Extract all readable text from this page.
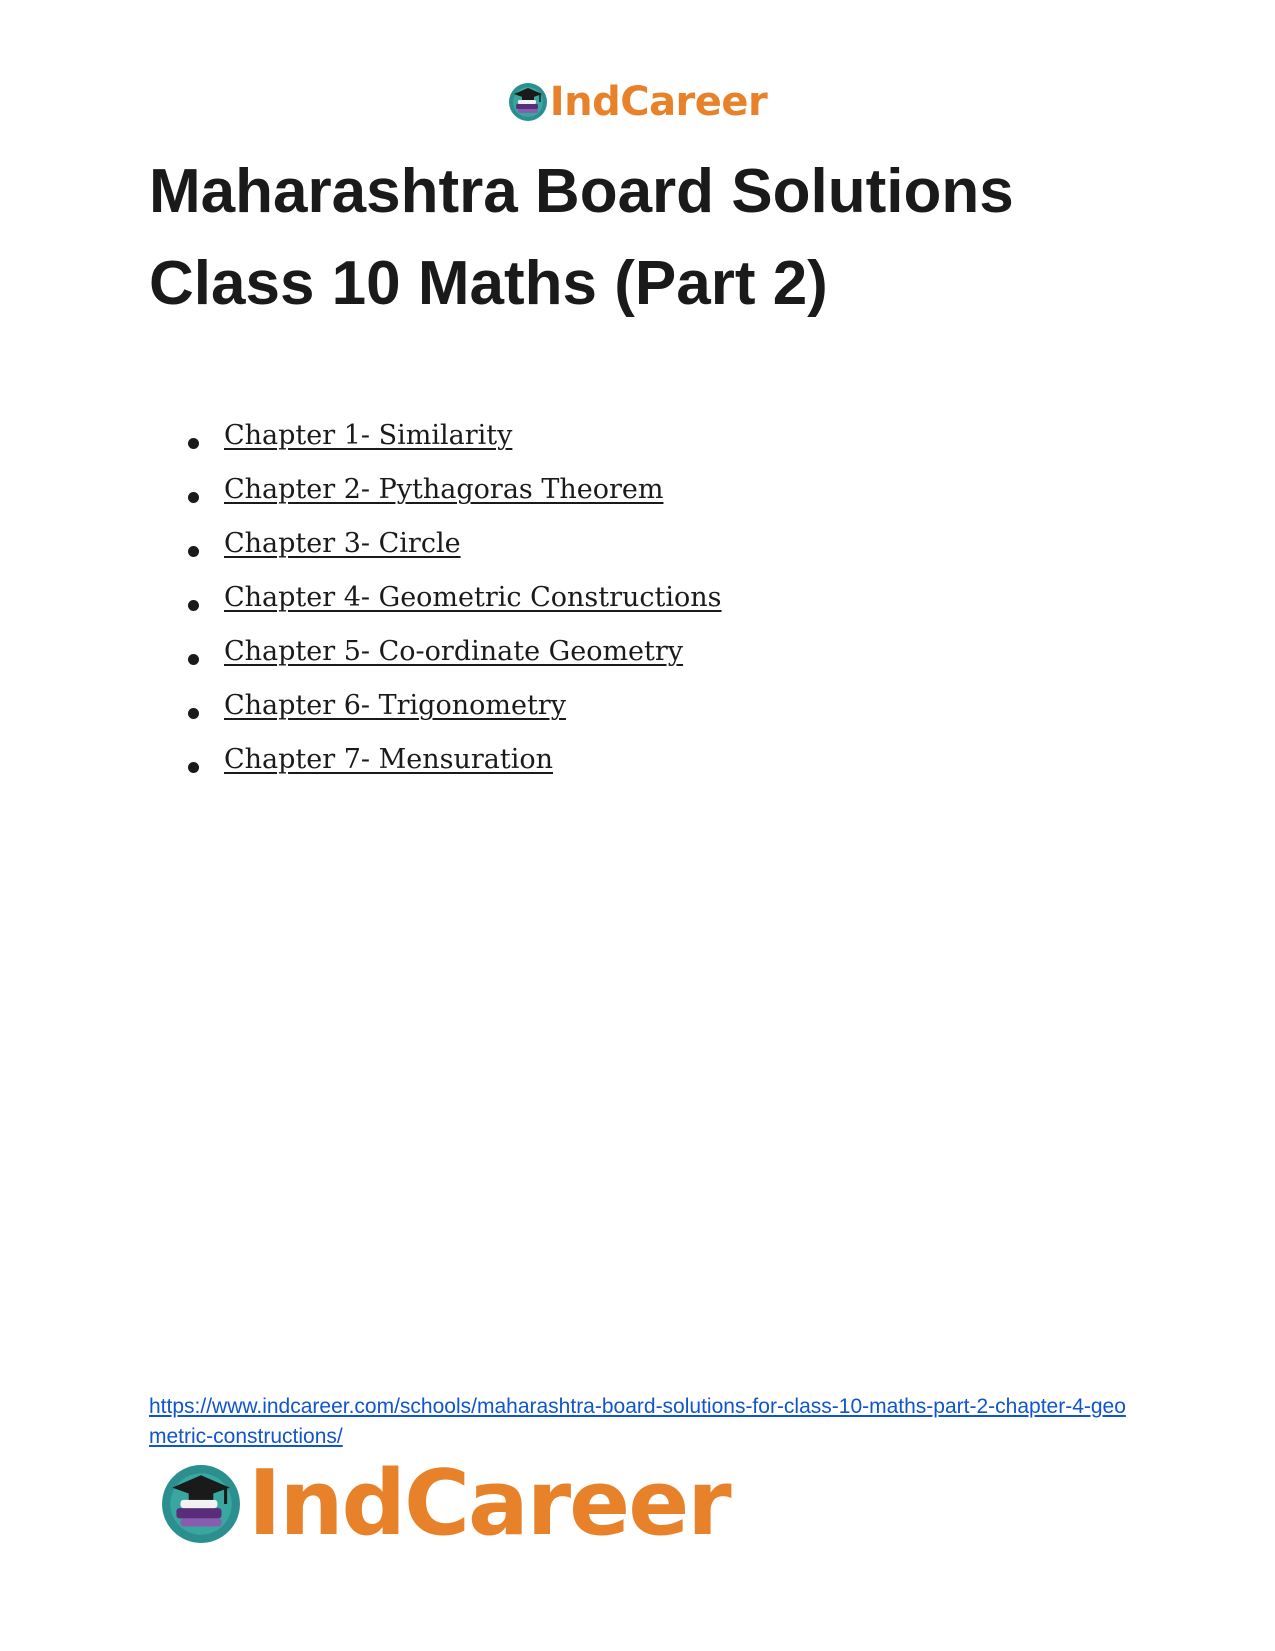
IndCareer
Maharashtra Board Solutions
Class 10 Maths (Part 2)
Chapter 1- Similarity
Chapter 2- Pythagoras Theorem
Chapter 3- Circle
Chapter 4- Geometric Constructions
Chapter 5- Co-ordinate Geometry
Chapter 6- Trigonometry
Chapter 7- Mensuration
https://www.indcareer.com/schools/maharashtra-board-solutions-for-class-10-maths-part-2-chapter-4-geometric-constructions/
IndCareer
